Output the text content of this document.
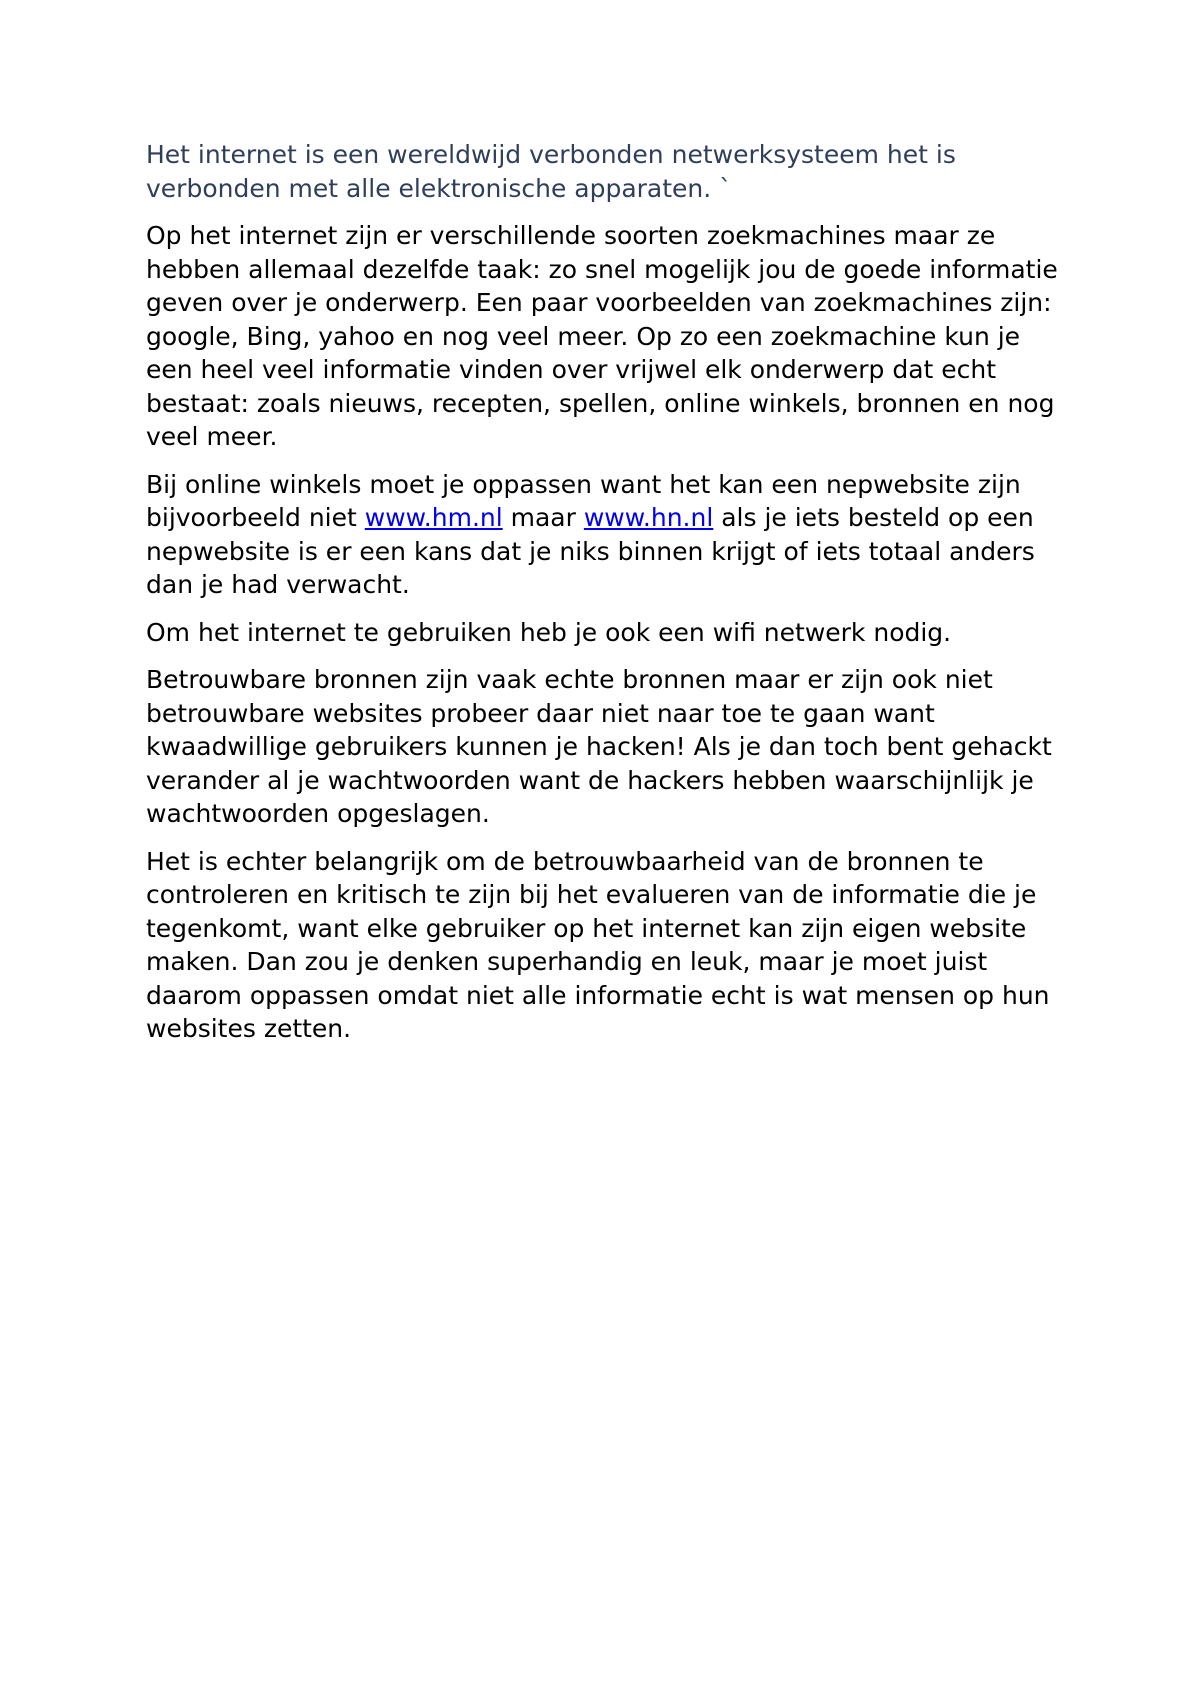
Het internet is een wereldwijd verbonden netwerksysteem het is verbonden met alle elektronische apparaten. `

Op het internet zijn er verschillende soorten zoekmachines maar ze hebben allemaal dezelfde taak: zo snel mogelijk jou de goede informatie geven over je onderwerp. Een paar voorbeelden van zoekmachines zijn: google, Bing, yahoo en nog veel meer. Op zo een zoekmachine kun je een heel veel informatie vinden over vrijwel elk onderwerp dat echt bestaat: zoals nieuws, recepten, spellen, online winkels, bronnen en nog veel meer.

Bij online winkels moet je oppassen want het kan een nepwebsite zijn bijvoorbeeld niet www.hm.nl maar www.hn.nl als je iets besteld op een nepwebsite is er een kans dat je niks binnen krijgt of iets totaal anders dan je had verwacht.

Om het internet te gebruiken heb je ook een wifi netwerk nodig.

Betrouwbare bronnen zijn vaak echte bronnen maar er zijn ook niet betrouwbare websites probeer daar niet naar toe te gaan want kwaadwillige gebruikers kunnen je hacken! Als je dan toch bent gehackt verander al je wachtwoorden want de hackers hebben waarschijnlijk je wachtwoorden opgeslagen.

Het is echter belangrijk om de betrouwbaarheid van de bronnen te controleren en kritisch te zijn bij het evalueren van de informatie die je tegenkomt, want elke gebruiker op het internet kan zijn eigen website maken. Dan zou je denken superhandig en leuk, maar je moet juist daarom oppassen omdat niet alle informatie echt is wat mensen op hun websites zetten.
